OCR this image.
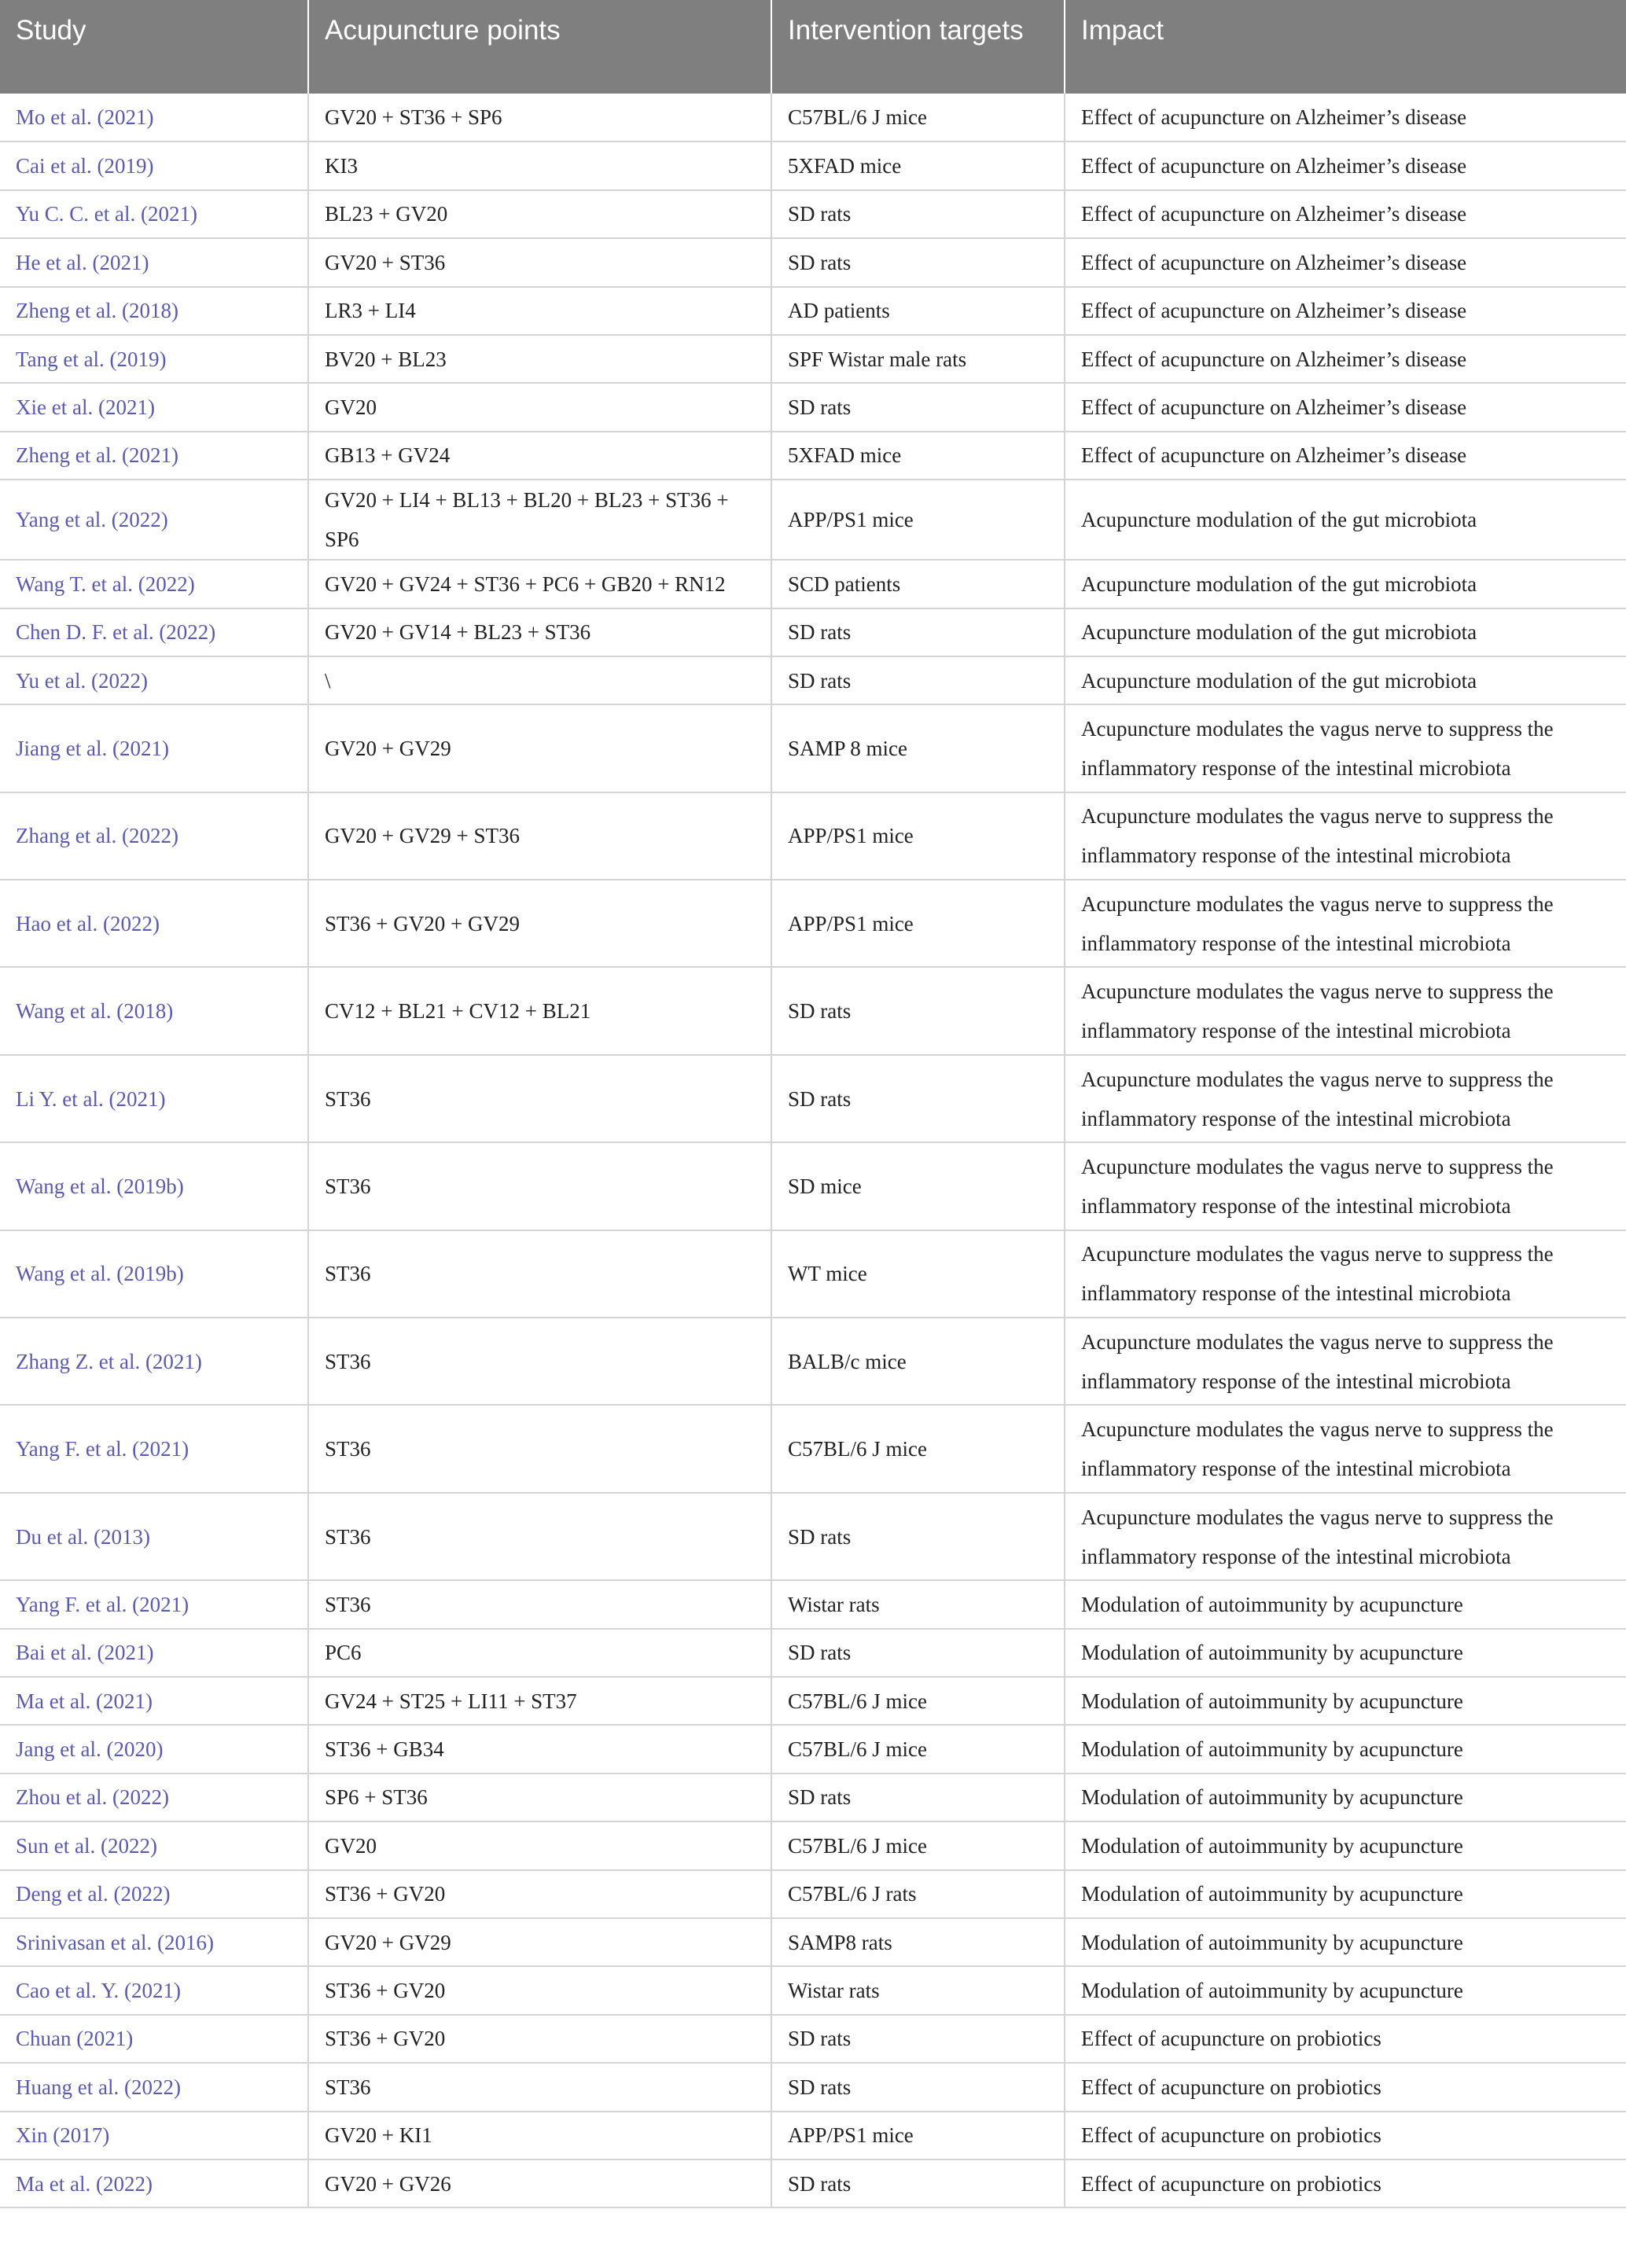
Study	Acupuncture points	Intervention targets	Impact
Mo et al. (2021)	GV20 + ST36 + SP6	C57BL/6 J mice	Effect of acupuncture on Alzheimer’s disease
Cai et al. (2019)	KI3	5XFAD mice	Effect of acupuncture on Alzheimer’s disease
Yu C. C. et al. (2021)	BL23 + GV20	SD rats	Effect of acupuncture on Alzheimer’s disease
He et al. (2021)	GV20 + ST36	SD rats	Effect of acupuncture on Alzheimer’s disease
Zheng et al. (2018)	LR3 + LI4	AD patients	Effect of acupuncture on Alzheimer’s disease
Tang et al. (2019)	BV20 + BL23	SPF Wistar male rats	Effect of acupuncture on Alzheimer’s disease
Xie et al. (2021)	GV20	SD rats	Effect of acupuncture on Alzheimer’s disease
Zheng et al. (2021)	GB13 + GV24	5XFAD mice	Effect of acupuncture on Alzheimer’s disease
Yang et al. (2022)	GV20 + LI4 + BL13 + BL20 + BL23 + ST36 + SP6	APP/PS1 mice	Acupuncture modulation of the gut microbiota
Wang T. et al. (2022)	GV20 + GV24 + ST36 + PC6 + GB20 + RN12	SCD patients	Acupuncture modulation of the gut microbiota
Chen D. F. et al. (2022)	GV20 + GV14 + BL23 + ST36	SD rats	Acupuncture modulation of the gut microbiota
Yu et al. (2022)	\	SD rats	Acupuncture modulation of the gut microbiota
Jiang et al. (2021)	GV20 + GV29	SAMP 8 mice	Acupuncture modulates the vagus nerve to suppress the inflammatory response of the intestinal microbiota
Zhang et al. (2022)	GV20 + GV29 + ST36	APP/PS1 mice	Acupuncture modulates the vagus nerve to suppress the inflammatory response of the intestinal microbiota
Hao et al. (2022)	ST36 + GV20 + GV29	APP/PS1 mice	Acupuncture modulates the vagus nerve to suppress the inflammatory response of the intestinal microbiota
Wang et al. (2018)	CV12 + BL21 + CV12 + BL21	SD rats	Acupuncture modulates the vagus nerve to suppress the inflammatory response of the intestinal microbiota
Li Y. et al. (2021)	ST36	SD rats	Acupuncture modulates the vagus nerve to suppress the inflammatory response of the intestinal microbiota
Wang et al. (2019b)	ST36	SD mice	Acupuncture modulates the vagus nerve to suppress the inflammatory response of the intestinal microbiota
Wang et al. (2019b)	ST36	WT mice	Acupuncture modulates the vagus nerve to suppress the inflammatory response of the intestinal microbiota
Zhang Z. et al. (2021)	ST36	BALB/c mice	Acupuncture modulates the vagus nerve to suppress the inflammatory response of the intestinal microbiota
Yang F. et al. (2021)	ST36	C57BL/6 J mice	Acupuncture modulates the vagus nerve to suppress the inflammatory response of the intestinal microbiota
Du et al. (2013)	ST36	SD rats	Acupuncture modulates the vagus nerve to suppress the inflammatory response of the intestinal microbiota
Yang F. et al. (2021)	ST36	Wistar rats	Modulation of autoimmunity by acupuncture
Bai et al. (2021)	PC6	SD rats	Modulation of autoimmunity by acupuncture
Ma et al. (2021)	GV24 + ST25 + LI11 + ST37	C57BL/6 J mice	Modulation of autoimmunity by acupuncture
Jang et al. (2020)	ST36 + GB34	C57BL/6 J mice	Modulation of autoimmunity by acupuncture
Zhou et al. (2022)	SP6 + ST36	SD rats	Modulation of autoimmunity by acupuncture
Sun et al. (2022)	GV20	C57BL/6 J mice	Modulation of autoimmunity by acupuncture
Deng et al. (2022)	ST36 + GV20	C57BL/6 J rats	Modulation of autoimmunity by acupuncture
Srinivasan et al. (2016)	GV20 + GV29	SAMP8 rats	Modulation of autoimmunity by acupuncture
Cao et al. Y. (2021)	ST36 + GV20	Wistar rats	Modulation of autoimmunity by acupuncture
Chuan (2021)	ST36 + GV20	SD rats	Effect of acupuncture on probiotics
Huang et al. (2022)	ST36	SD rats	Effect of acupuncture on probiotics
Xin (2017)	GV20 + KI1	APP/PS1 mice	Effect of acupuncture on probiotics
Ma et al. (2022)	GV20 + GV26	SD rats	Effect of acupuncture on probiotics
